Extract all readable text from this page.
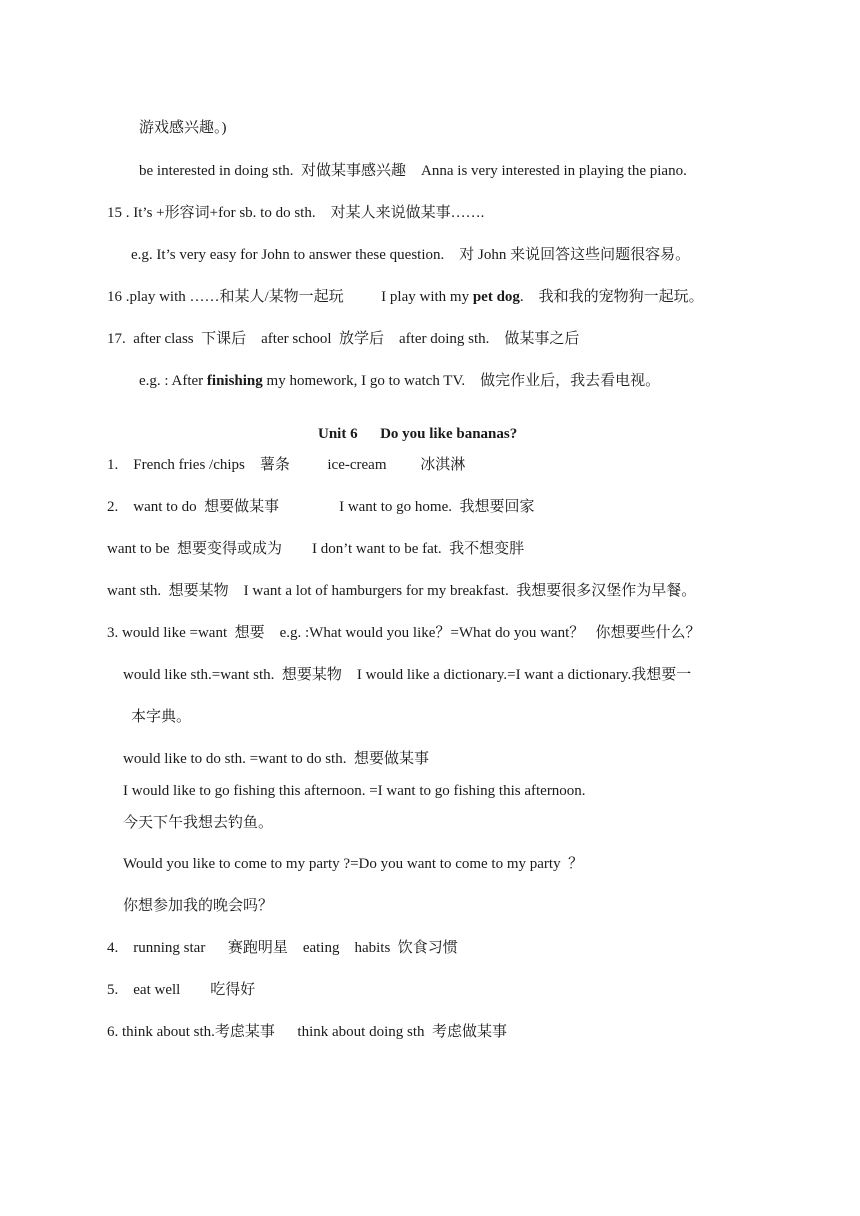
游戏感兴趣。)
be interested in doing sth.  对做某事感兴趣    Anna is very interested in playing the piano.
15 . It’s +形容词+for sb. to do sth.    对某人来说做某事…….
e.g. It’s very easy for John to answer these question.    对 John 来说回答这些问题很容易。
16 .play with ……和某人/某物一起玩          I play with my pet dog.    我和我的宠物狗一起玩。
17.  after class  下课后    after school  放学后    after doing sth.    做某事之后
e.g. : After finishing my homework, I go to watch TV.    做完作业后，我去看电视。
Unit 6      Do you like bananas?
1.    French fries /chips    薯条          ice-cream         冰淇淋
2.    want to do  想要做某事                I want to go home.  我想要回家
want to be  想要变得或成为        I don’t want to be fat.  我不想变胖
want sth.  想要某物    I want a lot of hamburgers for my breakfast.  我想要很多汉堡作为早餐。
3. would like =want  想要    e.g. :What would you like？=What do you want？   你想要些什么？
would like sth.=want sth.  想要某物    I would like a dictionary.=I want a dictionary.我想要一
本字典。
would like to do sth. =want to do sth.  想要做某事
I would like to go fishing this afternoon. =I want to go fishing this afternoon.
今天下午我想去钓鱼。
Would you like to come to my party ?=Do you want to come to my party  ？
你想参加我的晚会吗？
4.    running star      赛跑明星    eating    habits  饮食习惯
5.    eat well        吃得好
6. think about sth.考虑某事      think about doing sth  考虑做某事
